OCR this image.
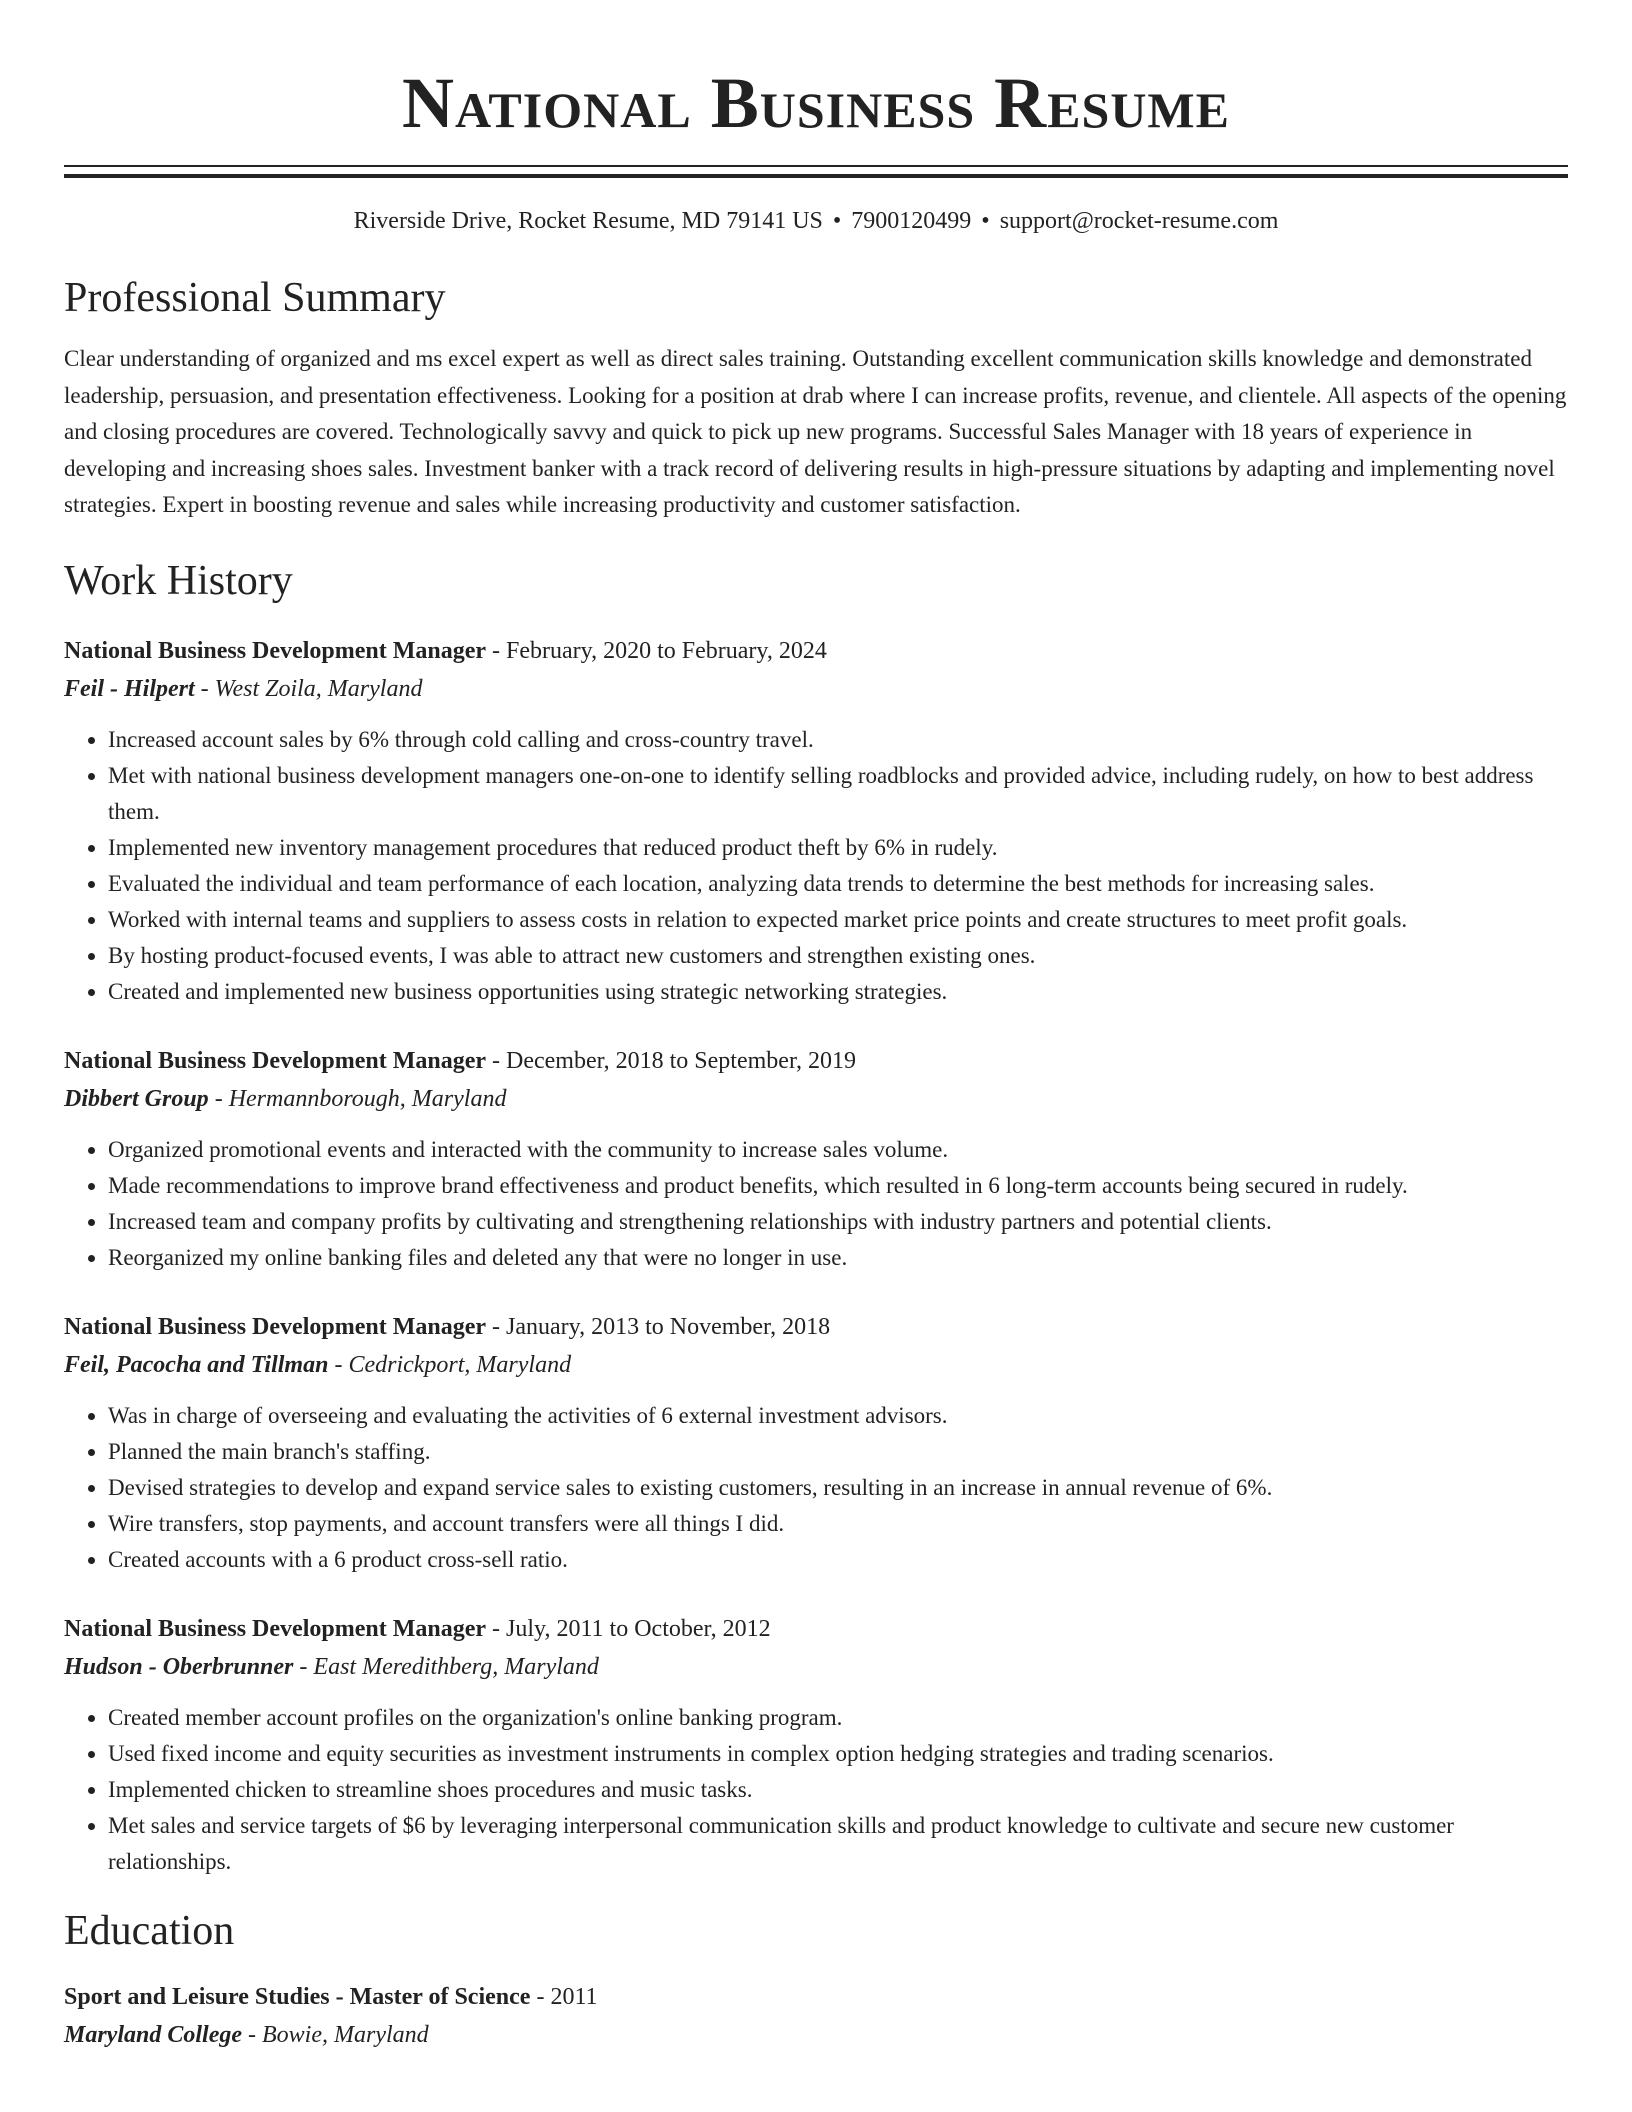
National Business Resume
Riverside Drive, Rocket Resume, MD 79141 US • 7900120499 • support@rocket-resume.com
Professional Summary

Clear understanding of organized and ms excel expert as well as direct sales training. Outstanding excellent communication skills knowledge and demonstrated leadership, persuasion, and presentation effectiveness. Looking for a position at drab where I can increase profits, revenue, and clientele. All aspects of the opening and closing procedures are covered. Technologically savvy and quick to pick up new programs. Successful Sales Manager with 18 years of experience in developing and increasing shoes sales. Investment banker with a track record of delivering results in high-pressure situations by adapting and implementing novel strategies. Expert in boosting revenue and sales while increasing productivity and customer satisfaction.

Work History
National Business Development Manager - February, 2020 to February, 2024
Feil - Hilpert - West Zoila, Maryland
• Increased account sales by 6% through cold calling and cross-country travel.
• Met with national business development managers one-on-one to identify selling roadblocks and provided advice, including rudely, on how to best address them.
• Implemented new inventory management procedures that reduced product theft by 6% in rudely.
• Evaluated the individual and team performance of each location, analyzing data trends to determine the best methods for increasing sales.
• Worked with internal teams and suppliers to assess costs in relation to expected market price points and create structures to meet profit goals.
• By hosting product-focused events, I was able to attract new customers and strengthen existing ones.
• Created and implemented new business opportunities using strategic networking strategies.
National Business Development Manager - December, 2018 to September, 2019
Dibbert Group - Hermannborough, Maryland
• Organized promotional events and interacted with the community to increase sales volume.
• Made recommendations to improve brand effectiveness and product benefits, which resulted in 6 long-term accounts being secured in rudely.
• Increased team and company profits by cultivating and strengthening relationships with industry partners and potential clients.
• Reorganized my online banking files and deleted any that were no longer in use.
National Business Development Manager - January, 2013 to November, 2018
Feil, Pacocha and Tillman - Cedrickport, Maryland
• Was in charge of overseeing and evaluating the activities of 6 external investment advisors.
• Planned the main branch's staffing.
• Devised strategies to develop and expand service sales to existing customers, resulting in an increase in annual revenue of 6%.
• Wire transfers, stop payments, and account transfers were all things I did.
• Created accounts with a 6 product cross-sell ratio.
National Business Development Manager - July, 2011 to October, 2012
Hudson - Oberbrunner - East Meredithberg, Maryland
• Created member account profiles on the organization's online banking program.
• Used fixed income and equity securities as investment instruments in complex option hedging strategies and trading scenarios.
• Implemented chicken to streamline shoes procedures and music tasks.
• Met sales and service targets of $6 by leveraging interpersonal communication skills and product knowledge to cultivate and secure new customer relationships.
Education
Sport and Leisure Studies - Master of Science - 2011
Maryland College - Bowie, Maryland
